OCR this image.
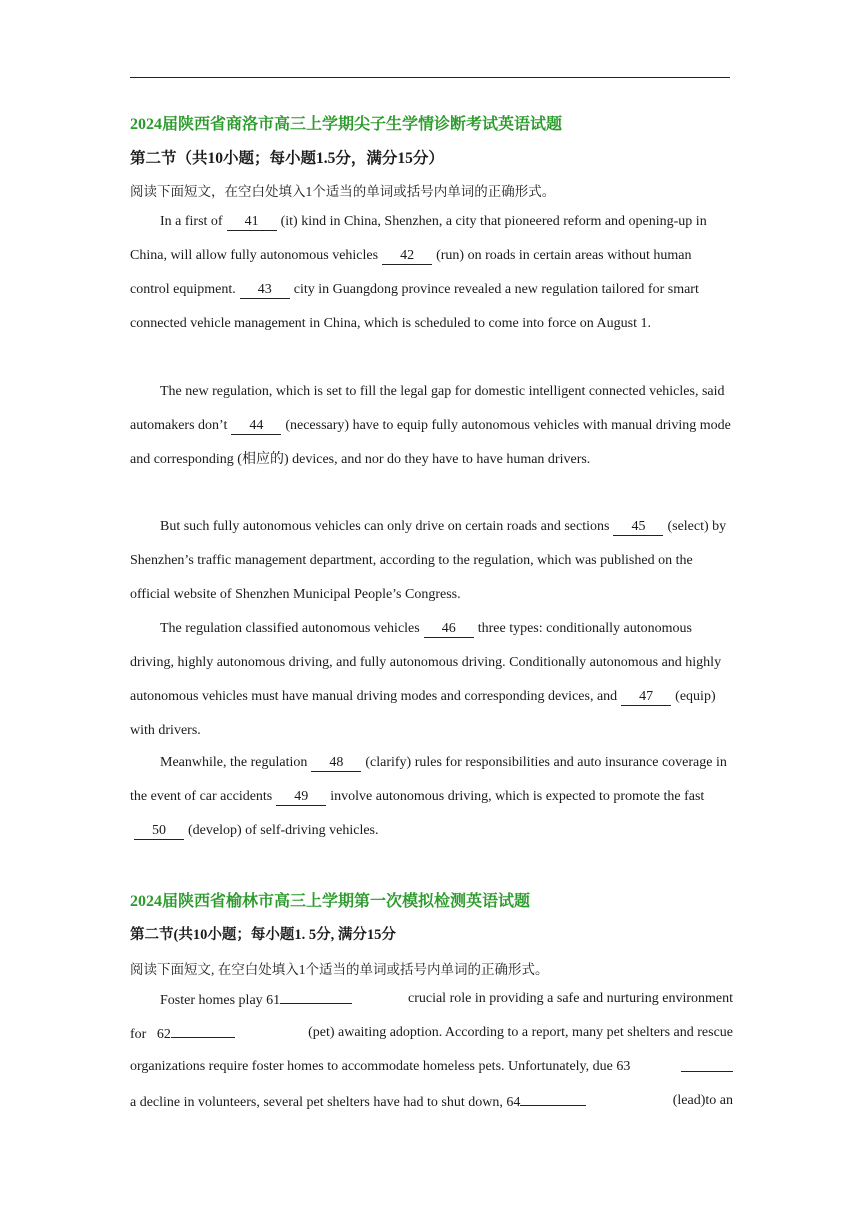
2024届陕西省商洛市高三上学期尖子生学情诊断考试英语试题
第二节（共10小题；每小题1.5分，满分15分）
阅读下面短文，在空白处填入1个适当的单词或括号内单词的正确形式。

In a first of 41 (it) kind in China, Shenzhen, a city that pioneered reform and opening-up in China, will allow fully autonomous vehicles 42 (run) on roads in certain areas without human control equipment. 43 city in Guangdong province revealed a new regulation tailored for smart connected vehicle management in China, which is scheduled to come into force on August 1.

The new regulation, which is set to fill the legal gap for domestic intelligent connected vehicles, said automakers don’t 44 (necessary) have to equip fully autonomous vehicles with manual driving mode and corresponding (相应的) devices, and nor do they have to have human drivers.

But such fully autonomous vehicles can only drive on certain roads and sections 45 (select) by Shenzhen’s traffic management department, according to the regulation, which was published on the official website of Shenzhen Municipal People’s Congress.

The regulation classified autonomous vehicles 46 three types: conditionally autonomous driving, highly autonomous driving, and fully autonomous driving. Conditionally autonomous and highly autonomous vehicles must have manual driving modes and corresponding devices, and 47 (equip) with drivers.

Meanwhile, the regulation 48 (clarify) rules for responsibilities and auto insurance coverage in the event of car accidents 49 involve autonomous driving, which is expected to promote the fast50 (develop) of self-driving vehicles.

2024届陕西省榆林市高三上学期第一次模拟检测英语试题
第二节(共10小题；每小题1. 5分, 满分15分
阅读下面短文, 在空白处填入1个适当的单词或括号内单词的正确形式。
Foster homes play 61	crucial role in providing a safe and nurturing environment
for   62	(pet) awaiting adoption. According to a report, many pet shelters and rescue
organizations require foster homes to accommodate homeless pets. Unfortunately, due 63
a decline in volunteers, several pet shelters have had to shut down, 64	(lead)to an
